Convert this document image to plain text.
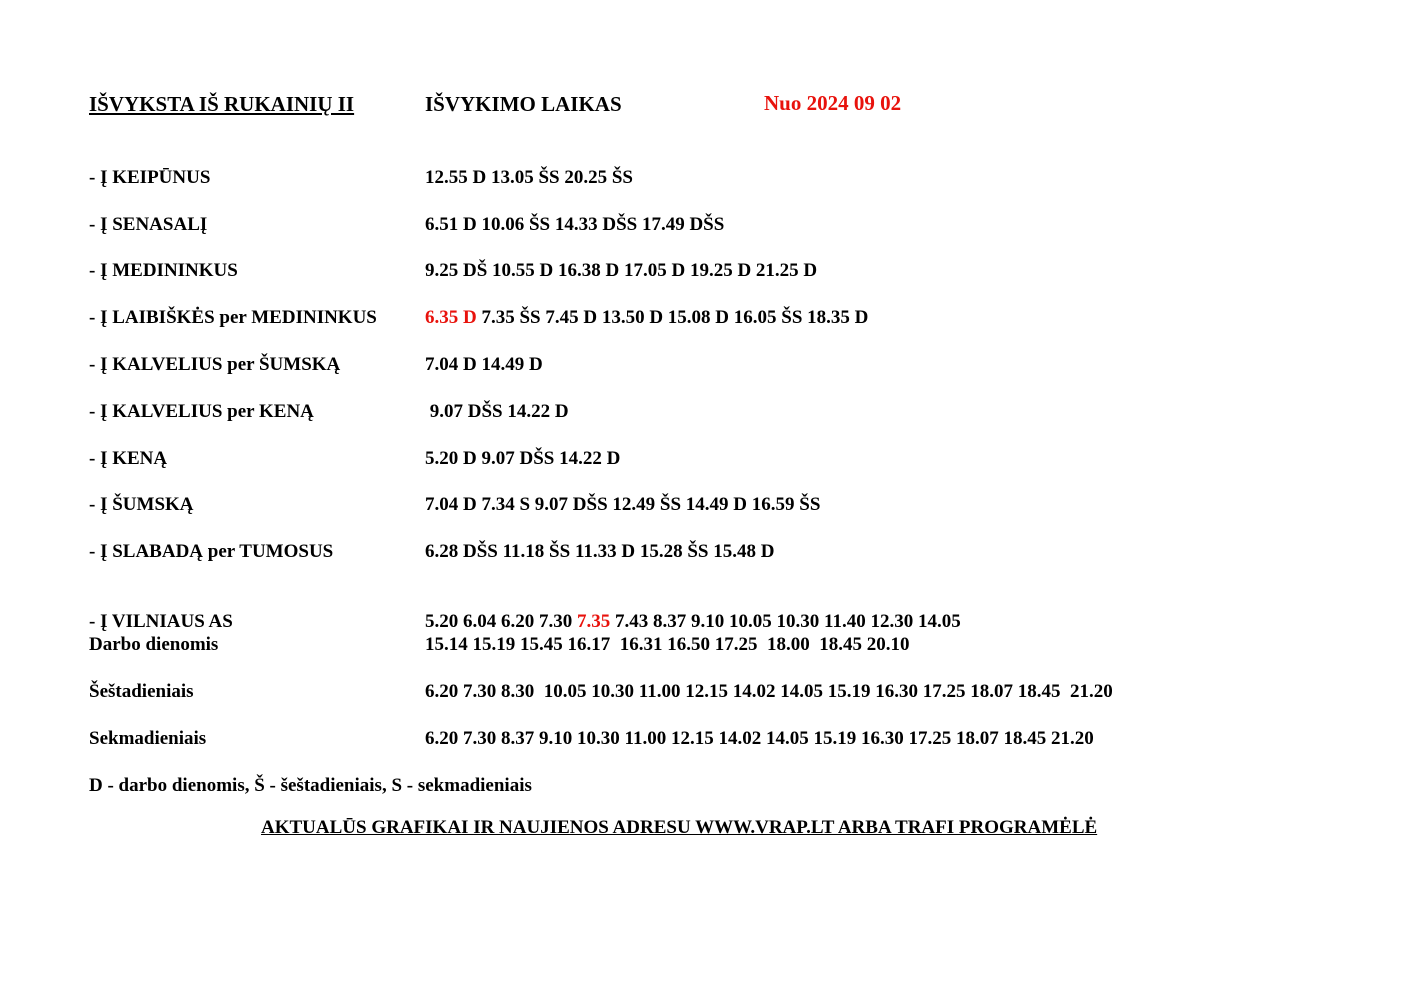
IŠVYKSTA IŠ RUKAINIŲ II	IŠVYKIMO LAIKAS	Nuo 2024 09 02
- Į KEIPŪNUS	12.55 D 13.05 ŠS 20.25 ŠS
- Į SENASALĮ	6.51 D 10.06 ŠS 14.33 DŠS 17.49 DŠS
- Į MEDININKUS	9.25 DŠ 10.55 D 16.38 D 17.05 D 19.25 D 21.25 D
- Į LAIBIŠKĖS per MEDININKUS	6.35 D 7.35 ŠS 7.45 D 13.50 D 15.08 D 16.05 ŠS 18.35 D
- Į KALVELIUS per ŠUMSKĄ	7.04 D 14.49 D
- Į KALVELIUS per KENĄ	9.07 DŠS 14.22 D
- Į KENĄ	5.20 D 9.07 DŠS 14.22 D
- Į ŠUMSKĄ	7.04 D 7.34 S 9.07 DŠS 12.49 ŠS 14.49 D 16.59 ŠS
- Į SLABADĄ per TUMOSUS	6.28 DŠS 11.18 ŠS 11.33 D 15.28 ŠS 15.48 D
- Į VILNIAUS AS	5.20 6.04 6.20 7.30 7.35 7.43 8.37 9.10 10.05 10.30 11.40 12.30 14.05
Darbo dienomis	15.14 15.19 15.45 16.17  16.31 16.50 17.25  18.00  18.45 20.10
Šeštadieniais	6.20 7.30 8.30  10.05 10.30 11.00 12.15 14.02 14.05 15.19 16.30 17.25 18.07 18.45  21.20
Sekmadieniais	6.20 7.30 8.37 9.10 10.30 11.00 12.15 14.02 14.05 15.19 16.30 17.25 18.07 18.45 21.20
D - darbo dienomis, Š - šeštadieniais, S - sekmadieniais
AKTUALŪS GRAFIKAI IR NAUJIENOS ADRESU WWW.VRAP.LT ARBA TRAFI PROGRAMĖLĖ
